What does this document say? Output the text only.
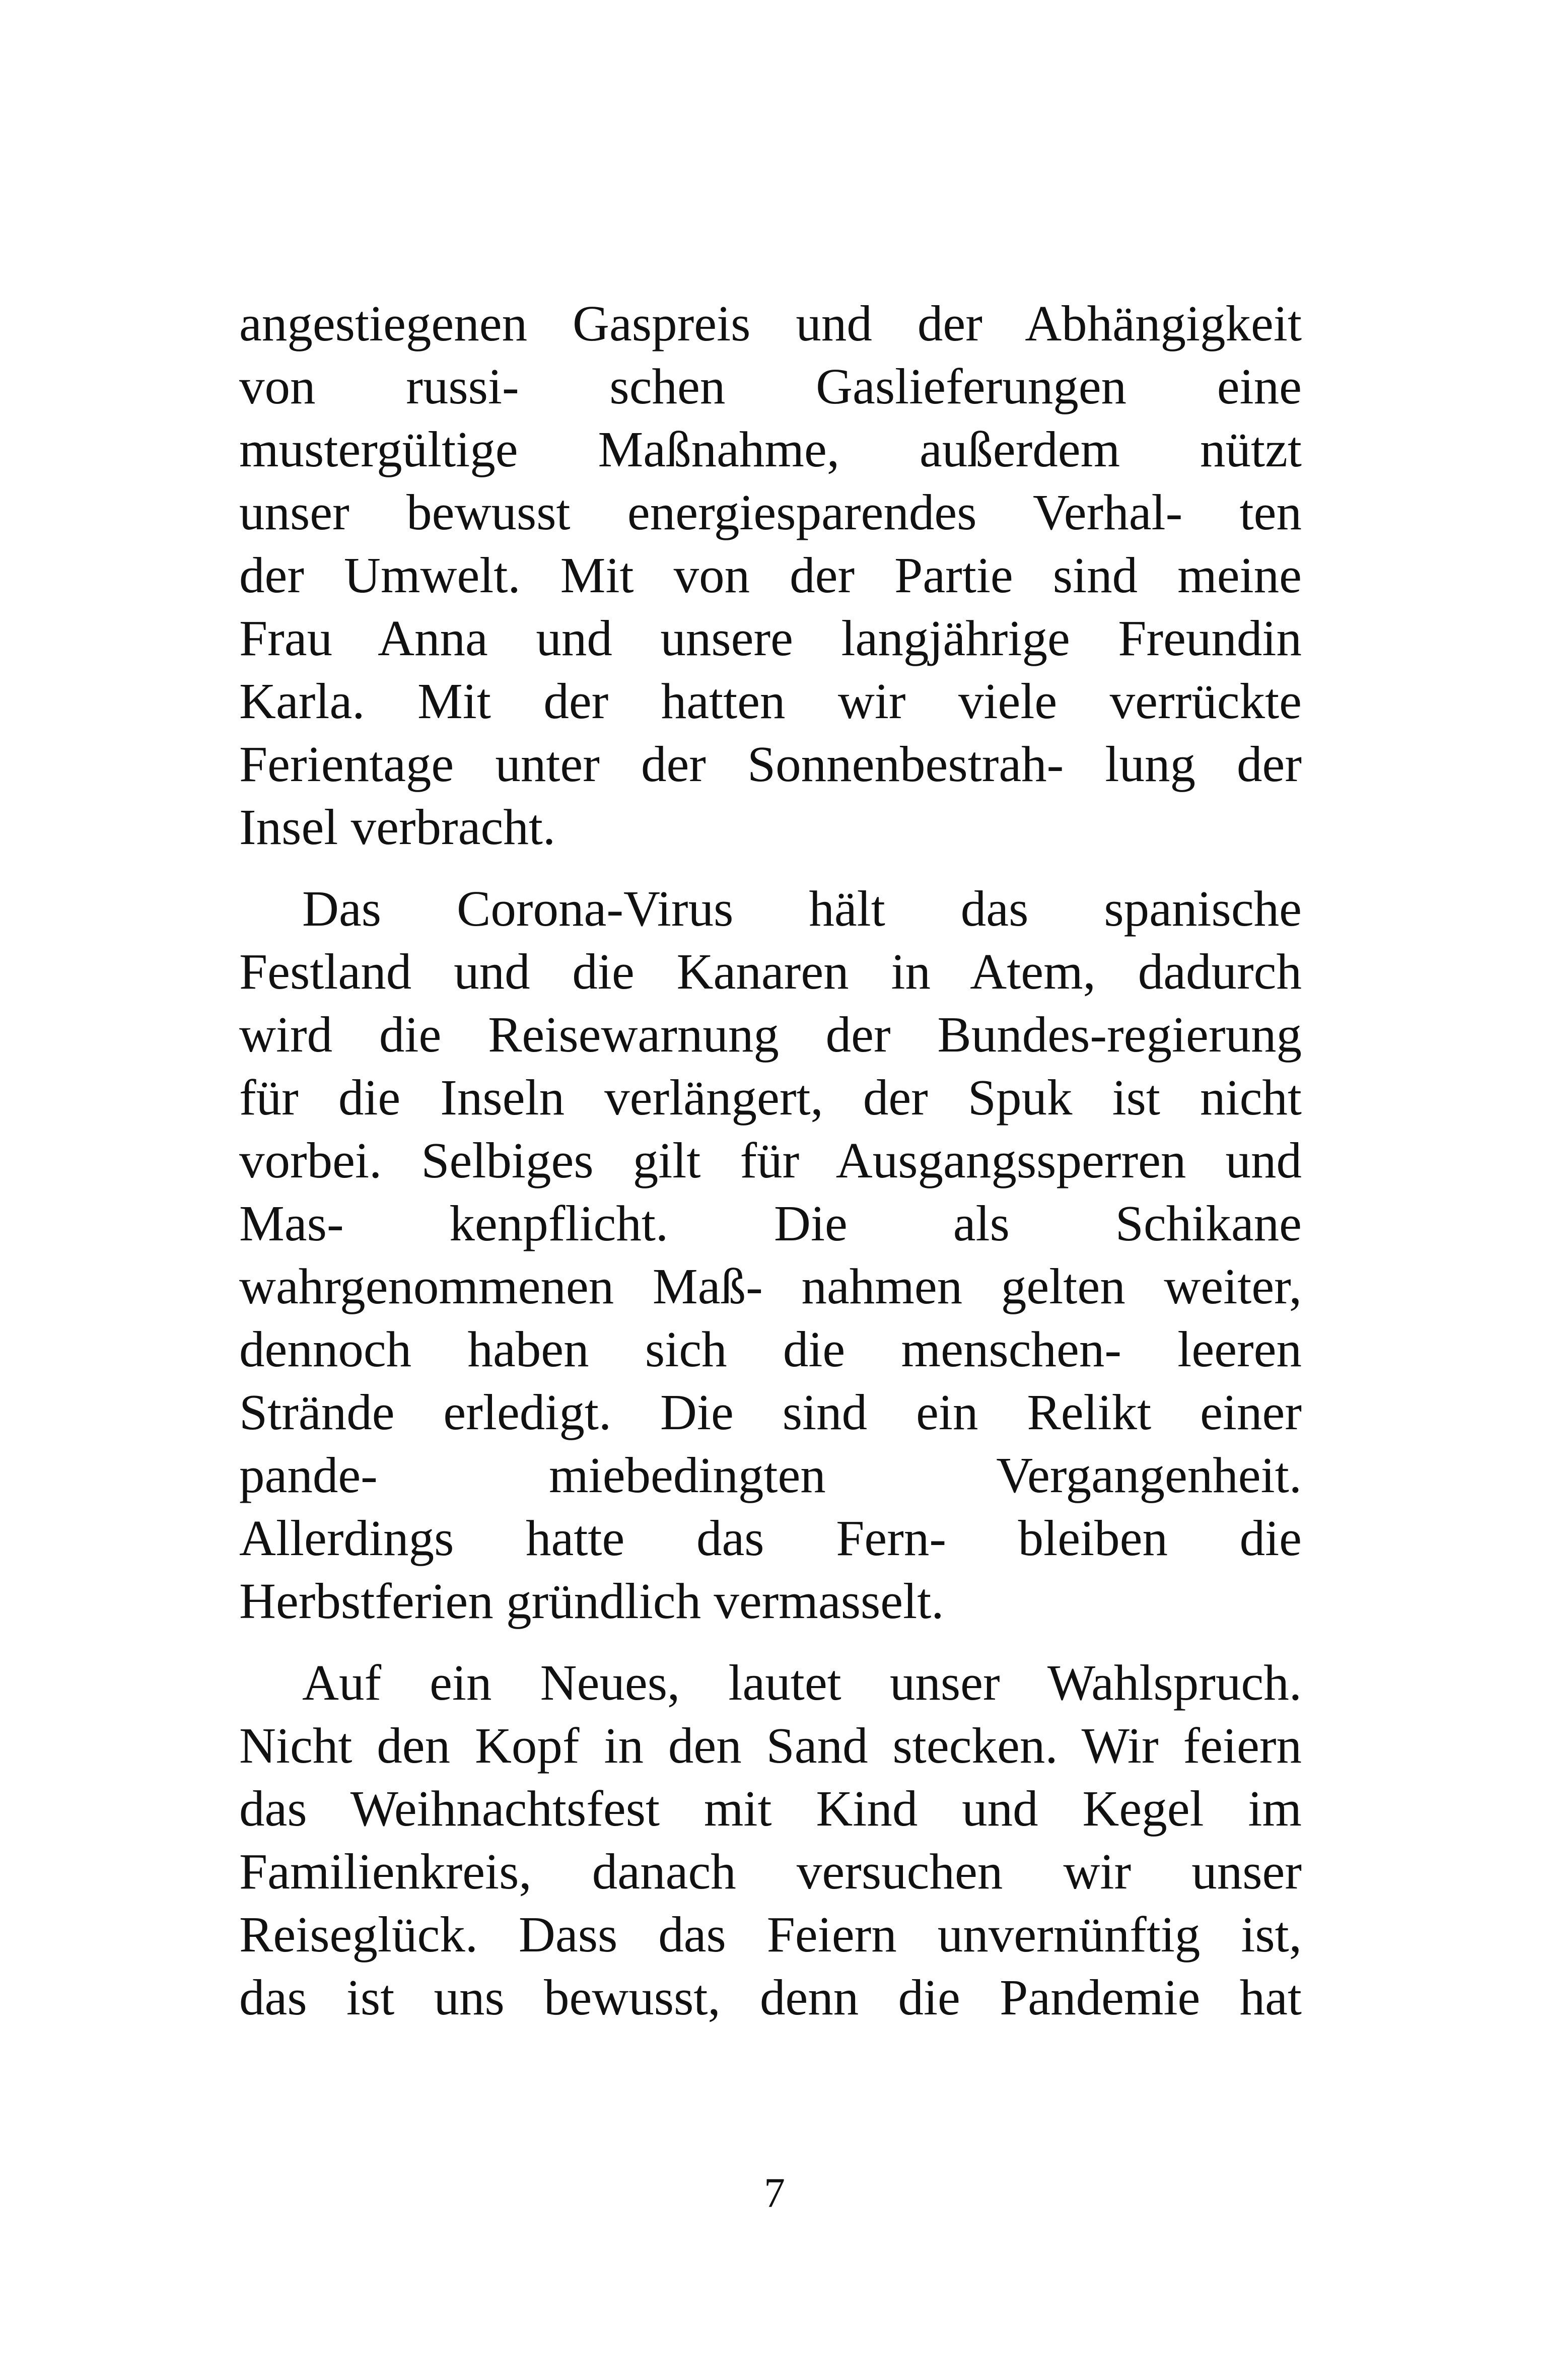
angestiegenen Gaspreis und der Abhängigkeit
von russi- schen Gaslieferungen eine
mustergültige Maßnahme, außerdem nützt
unser bewusst energiesparendes Verhal- ten
der Umwelt. Mit von der Partie sind meine
Frau Anna und unsere langjährige Freundin
Karla. Mit der hatten wir viele verrückte
Ferientage unter der Sonnenbestrah- lung der
Insel verbracht.
Das Corona-Virus hält das spanische
Festland und die Kanaren in Atem, dadurch
wird die Reisewarnung der Bundes-regierung
für die Inseln verlängert, der Spuk ist nicht
vorbei. Selbiges gilt für Ausgangssperren und
Mas- kenpflicht. Die als Schikane
wahrgenommenen Maß- nahmen gelten weiter,
dennoch haben sich die menschen- leeren
Strände erledigt. Die sind ein Relikt einer
pande- miebedingten Vergangenheit.
Allerdings hatte das Fern- bleiben die
Herbstferien gründlich vermasselt.
Auf ein Neues, lautet unser Wahlspruch.
Nicht den Kopf in den Sand stecken. Wir feiern
das Weihnachtsfest mit Kind und Kegel im
Familienkreis, danach versuchen wir unser
Reiseglück. Dass das Feiern unvernünftig ist,
das ist uns bewusst, denn die Pandemie hat
7
